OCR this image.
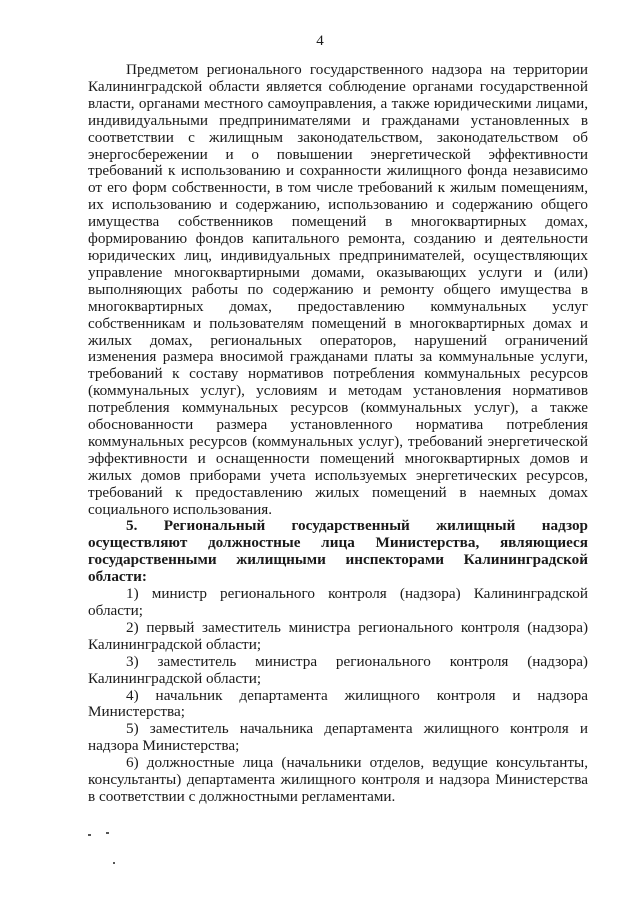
4

Предметом регионального государственного надзора на территории Калининградской области является соблюдение органами государственной власти, органами местного самоуправления, а также юридическими лицами, индивидуальными предпринимателями и гражданами установленных в соответствии с жилищным законодательством, законодательством об энергосбережении и о повышении энергетической эффективности требований к использованию и сохранности жилищного фонда независимо от его форм собственности, в том числе требований к жилым помещениям, их использованию и содержанию, использованию и содержанию общего имущества собственников помещений в многоквартирных домах, формированию фондов капитального ремонта, созданию и деятельности юридических лиц, индивидуальных предпринимателей, осуществляющих управление многоквартирными домами, оказывающих услуги и (или) выполняющих работы по содержанию и ремонту общего имущества в многоквартирных домах, предоставлению коммунальных услуг собственникам и пользователям помещений в многоквартирных домах и жилых домах, региональных операторов, нарушений ограничений изменения размера вносимой гражданами платы за коммунальные услуги, требований к составу нормативов потребления коммунальных ресурсов (коммунальных услуг), условиям и методам установления нормативов потребления коммунальных ресурсов (коммунальных услуг), а также обоснованности размера установленного норматива потребления коммунальных ресурсов (коммунальных услуг), требований энергетической эффективности и оснащенности помещений многоквартирных домов и жилых домов приборами учета используемых энергетических ресурсов, требований к предоставлению жилых помещений в наемных домах социального использования.

5. Региональный государственный жилищный надзор осуществляют должностные лица Министерства, являющиеся государственными жилищными инспекторами Калининградской области:

1) министр регионального контроля (надзора) Калининградской области;

2) первый заместитель министра регионального контроля (надзора) Калининградской области;

3) заместитель министра регионального контроля (надзора) Калининградской области;

4) начальник департамента жилищного контроля и надзора Министерства;

5) заместитель начальника департамента жилищного контроля и надзора Министерства;

6) должностные лица (начальники отделов, ведущие консультанты, консультанты) департамента жилищного контроля и надзора Министерства в соответствии с должностными регламентами.
